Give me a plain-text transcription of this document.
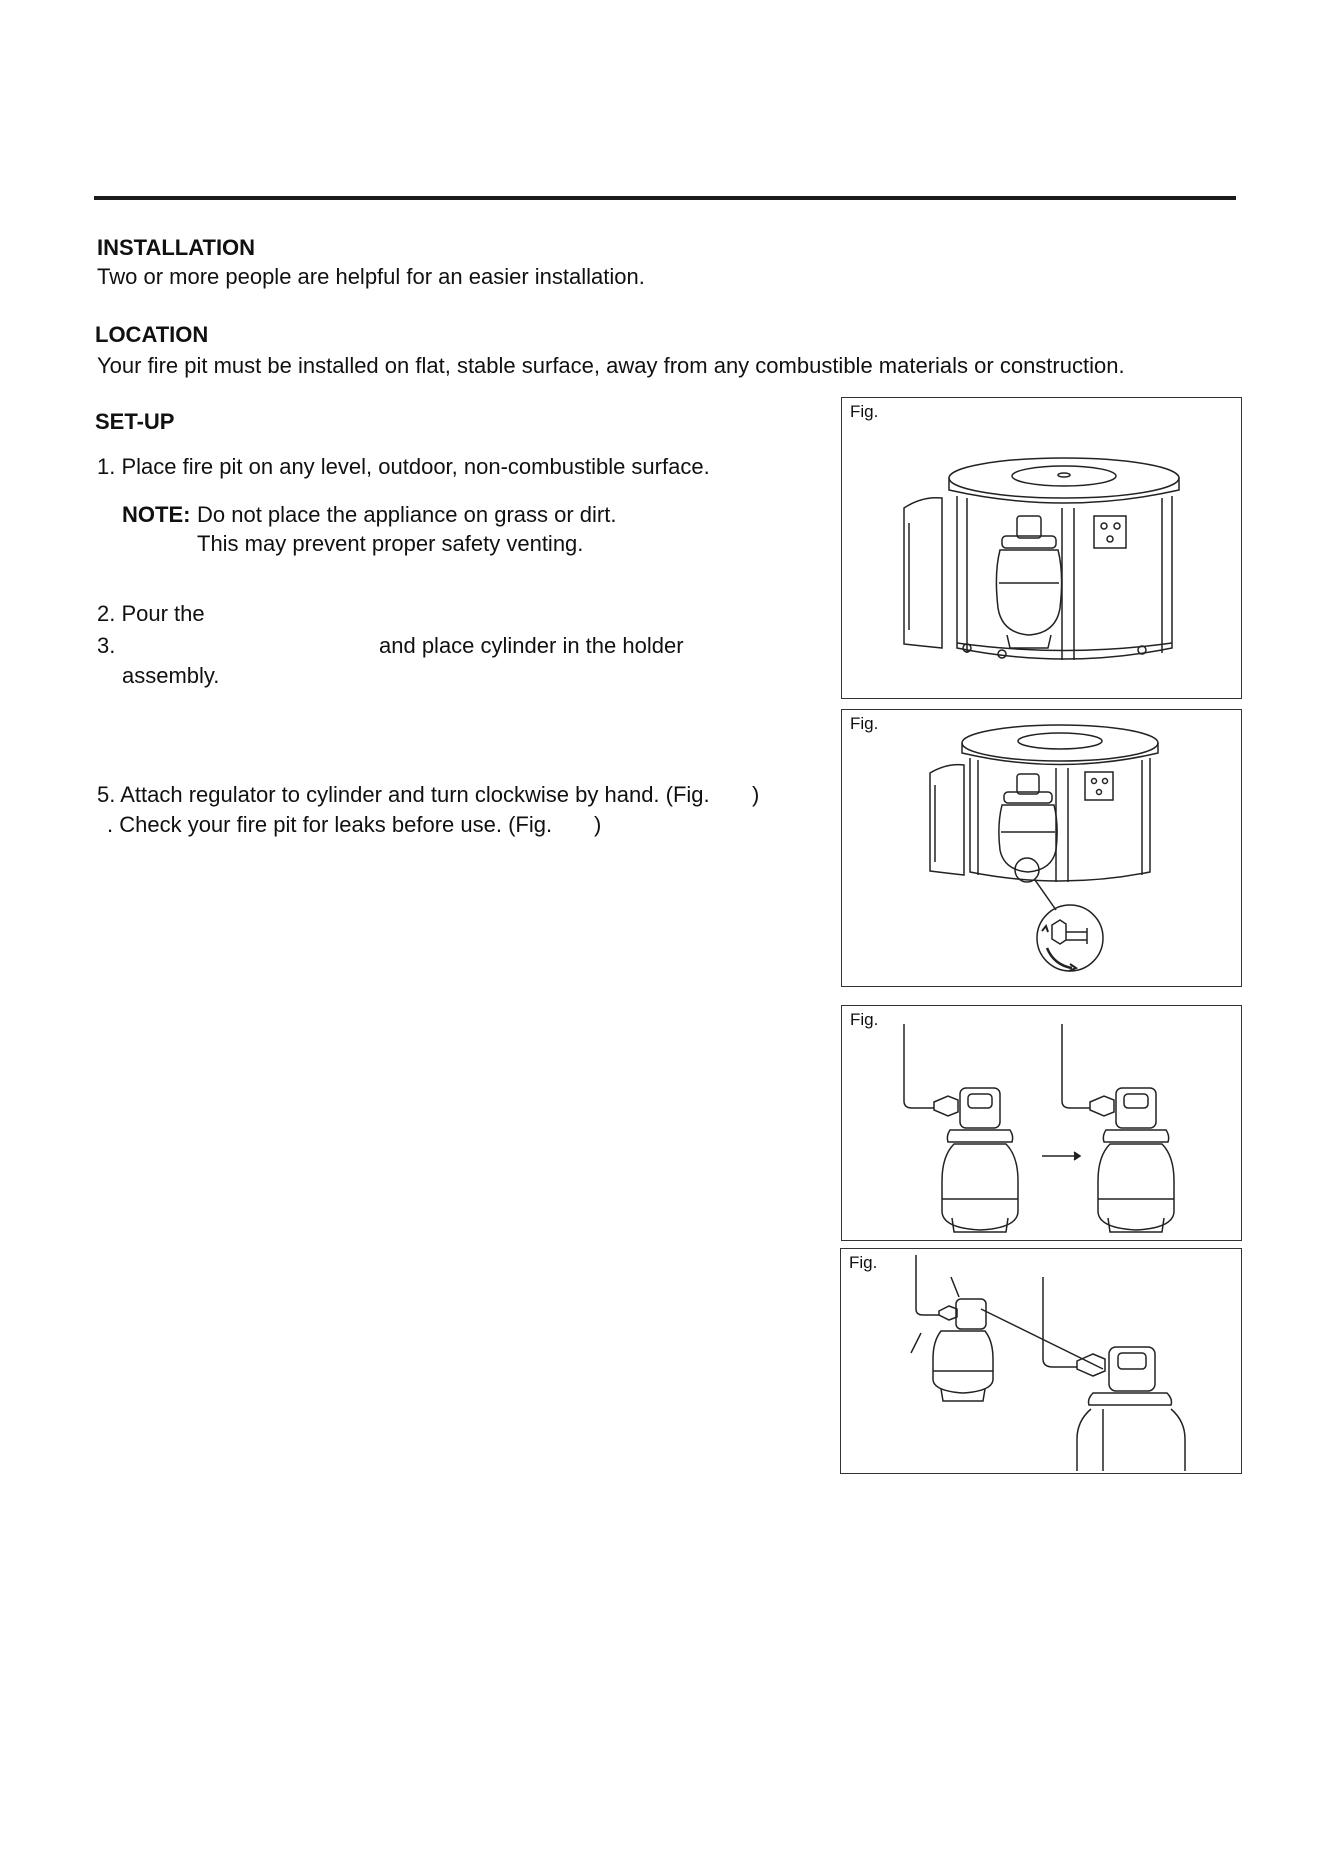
INSTALLATION
Two or more people are helpful for an easier installation.
LOCATION
Your fire pit must be installed on flat, stable surface, away from any combustible materials or construction.
SET-UP
1. Place fire pit on any level, outdoor, non-combustible surface.
NOTE: Do not place the appliance on grass or dirt.
This may prevent proper safety venting.
2. Pour the
3.	and place cylinder in the holder
assembly.
5. Attach regulator to cylinder and turn clockwise by hand. (Fig. )
. Check your fire pit for leaks before use. (Fig. )
Fig.
Fig.
Fig.
Fig.
